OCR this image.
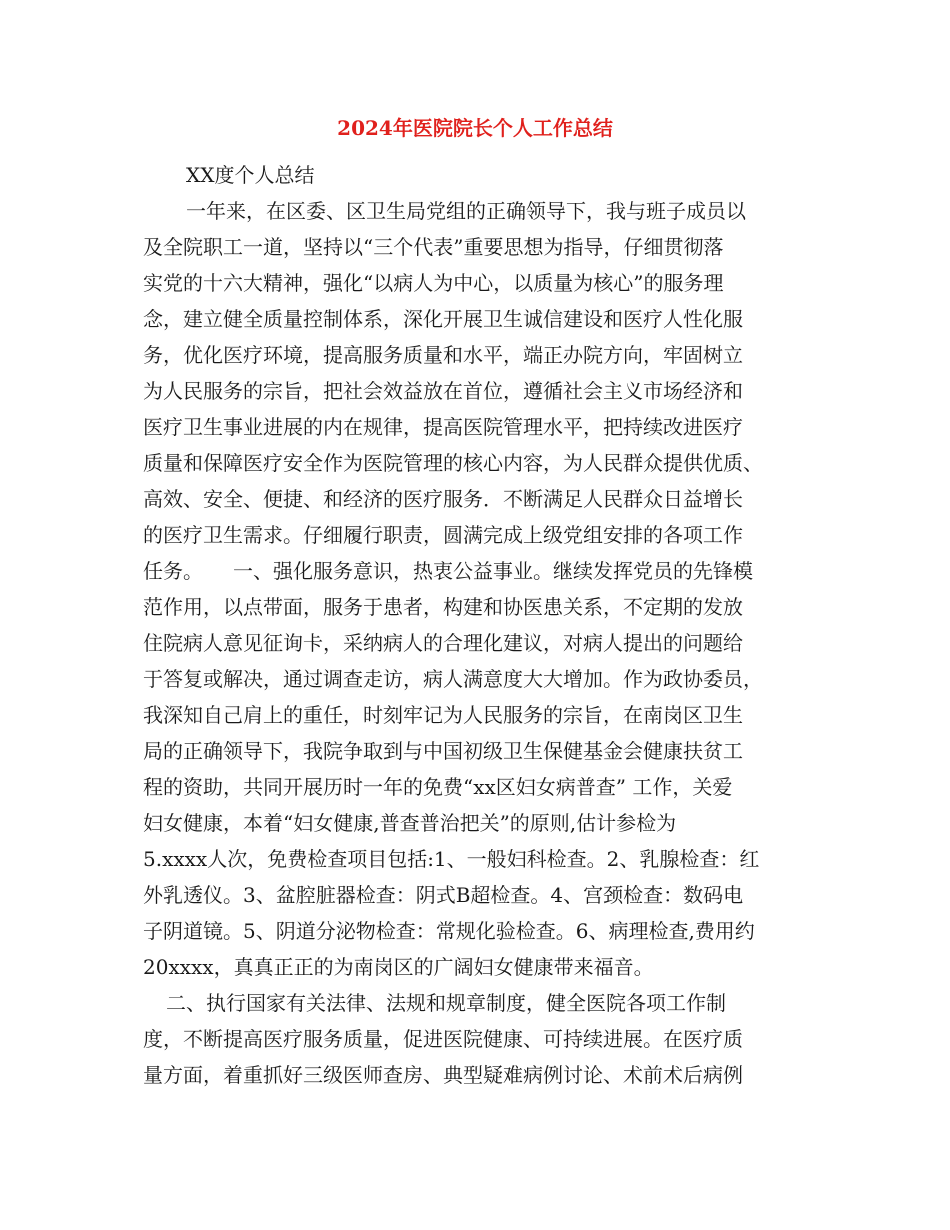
2024年医院院长个人工作总结
XX度个人总结
一年来，在区委、区卫生局党组的正确领导下，我与班子成员以
及全院职工一道，坚持以“三个代表”重要思想为指导，仔细贯彻落
实党的十六大精神，强化“以病人为中心，以质量为核心”的服务理
念，建立健全质量控制体系，深化开展卫生诚信建设和医疗人性化服
务，优化医疗环境，提高服务质量和水平，端正办院方向，牢固树立
为人民服务的宗旨，把社会效益放在首位，遵循社会主义市场经济和
医疗卫生事业进展的内在规律，提高医院管理水平，把持续改进医疗
质量和保障医疗安全作为医院管理的核心内容，为人民群众提供优质、
高效、安全、便捷、和经济的医疗服务．不断满足人民群众日益增长
的医疗卫生需求。仔细履行职责，圆满完成上级党组安排的各项工作
任务。　　一、强化服务意识，热衷公益事业。继续发挥党员的先锋模
范作用，以点带面，服务于患者，构建和协医患关系，不定期的发放
住院病人意见征询卡，采纳病人的合理化建议，对病人提出的问题给
于答复或解决，通过调查走访，病人满意度大大增加。作为政协委员，
我深知自己肩上的重任，时刻牢记为人民服务的宗旨，在南岗区卫生
局的正确领导下，我院争取到与中国初级卫生保健基金会健康扶贫工
程的资助，共同开展历时一年的免费“xx区妇女病普查” 工作，关爱
妇女健康，本着“妇女健康,普查普治把关”的原则,估计参检为
5.xxxx人次，免费检查项目包括:1、一般妇科检查。2、乳腺检查：红
外乳透仪。3、盆腔脏器检查：阴式B超检查。4、宫颈检查：数码电
子阴道镜。5、阴道分泌物检查：常规化验检查。6、病理检查,费用约
20xxxx，真真正正的为南岗区的广阔妇女健康带来福音。
二、执行国家有关法律、法规和规章制度，健全医院各项工作制
度，不断提高医疗服务质量，促进医院健康、可持续进展。在医疗质
量方面，着重抓好三级医师查房、典型疑难病例讨论、术前术后病例
